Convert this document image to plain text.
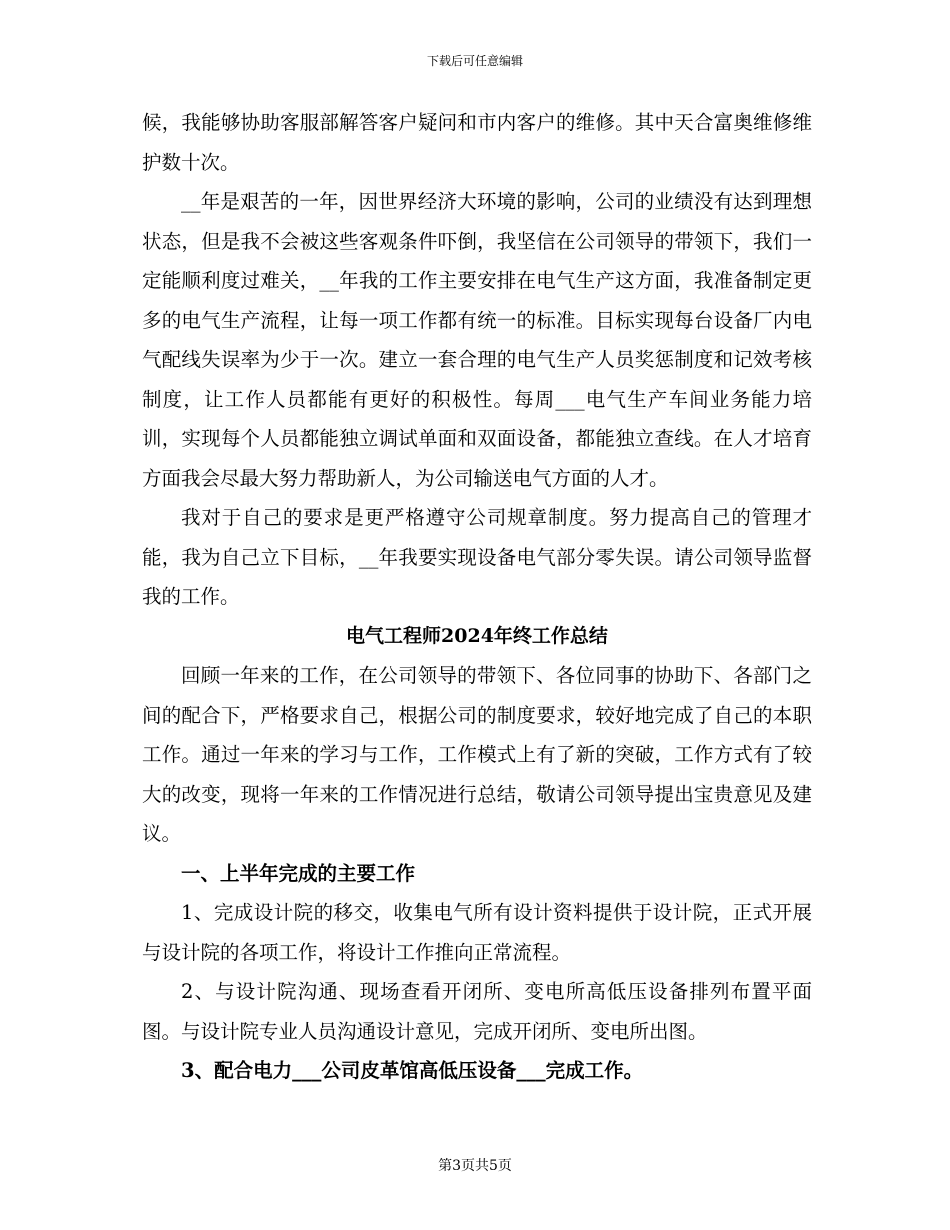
下载后可任意编辑

候，我能够协助客服部解答客户疑问和市内客户的维修。其中天合富奥维修维护数十次。

__年是艰苦的一年，因世界经济大环境的影响，公司的业绩没有达到理想状态，但是我不会被这些客观条件吓倒，我坚信在公司领导的带领下，我们一定能顺利度过难关，__年我的工作主要安排在电气生产这方面，我准备制定更多的电气生产流程，让每一项工作都有统一的标准。目标实现每台设备厂内电气配线失误率为少于一次。建立一套合理的电气生产人员奖惩制度和记效考核制度，让工作人员都能有更好的积极性。每周___电气生产车间业务能力培训，实现每个人员都能独立调试单面和双面设备，都能独立查线。在人才培育方面我会尽最大努力帮助新人，为公司输送电气方面的人才。

我对于自己的要求是更严格遵守公司规章制度。努力提高自己的管理才能，我为自己立下目标，__年我要实现设备电气部分零失误。请公司领导监督我的工作。

电气工程师2024年终工作总结

回顾一年来的工作，在公司领导的带领下、各位同事的协助下、各部门之间的配合下，严格要求自己，根据公司的制度要求，较好地完成了自己的本职工作。通过一年来的学习与工作，工作模式上有了新的突破，工作方式有了较大的改变，现将一年来的工作情况进行总结，敬请公司领导提出宝贵意见及建议。

一、上半年完成的主要工作

1、完成设计院的移交，收集电气所有设计资料提供于设计院，正式开展与设计院的各项工作，将设计工作推向正常流程。

2、与设计院沟通、现场查看开闭所、变电所高低压设备排列布置平面图。与设计院专业人员沟通设计意见，完成开闭所、变电所出图。

3、配合电力___公司皮革馆高低压设备___完成工作。

第3页共5页
